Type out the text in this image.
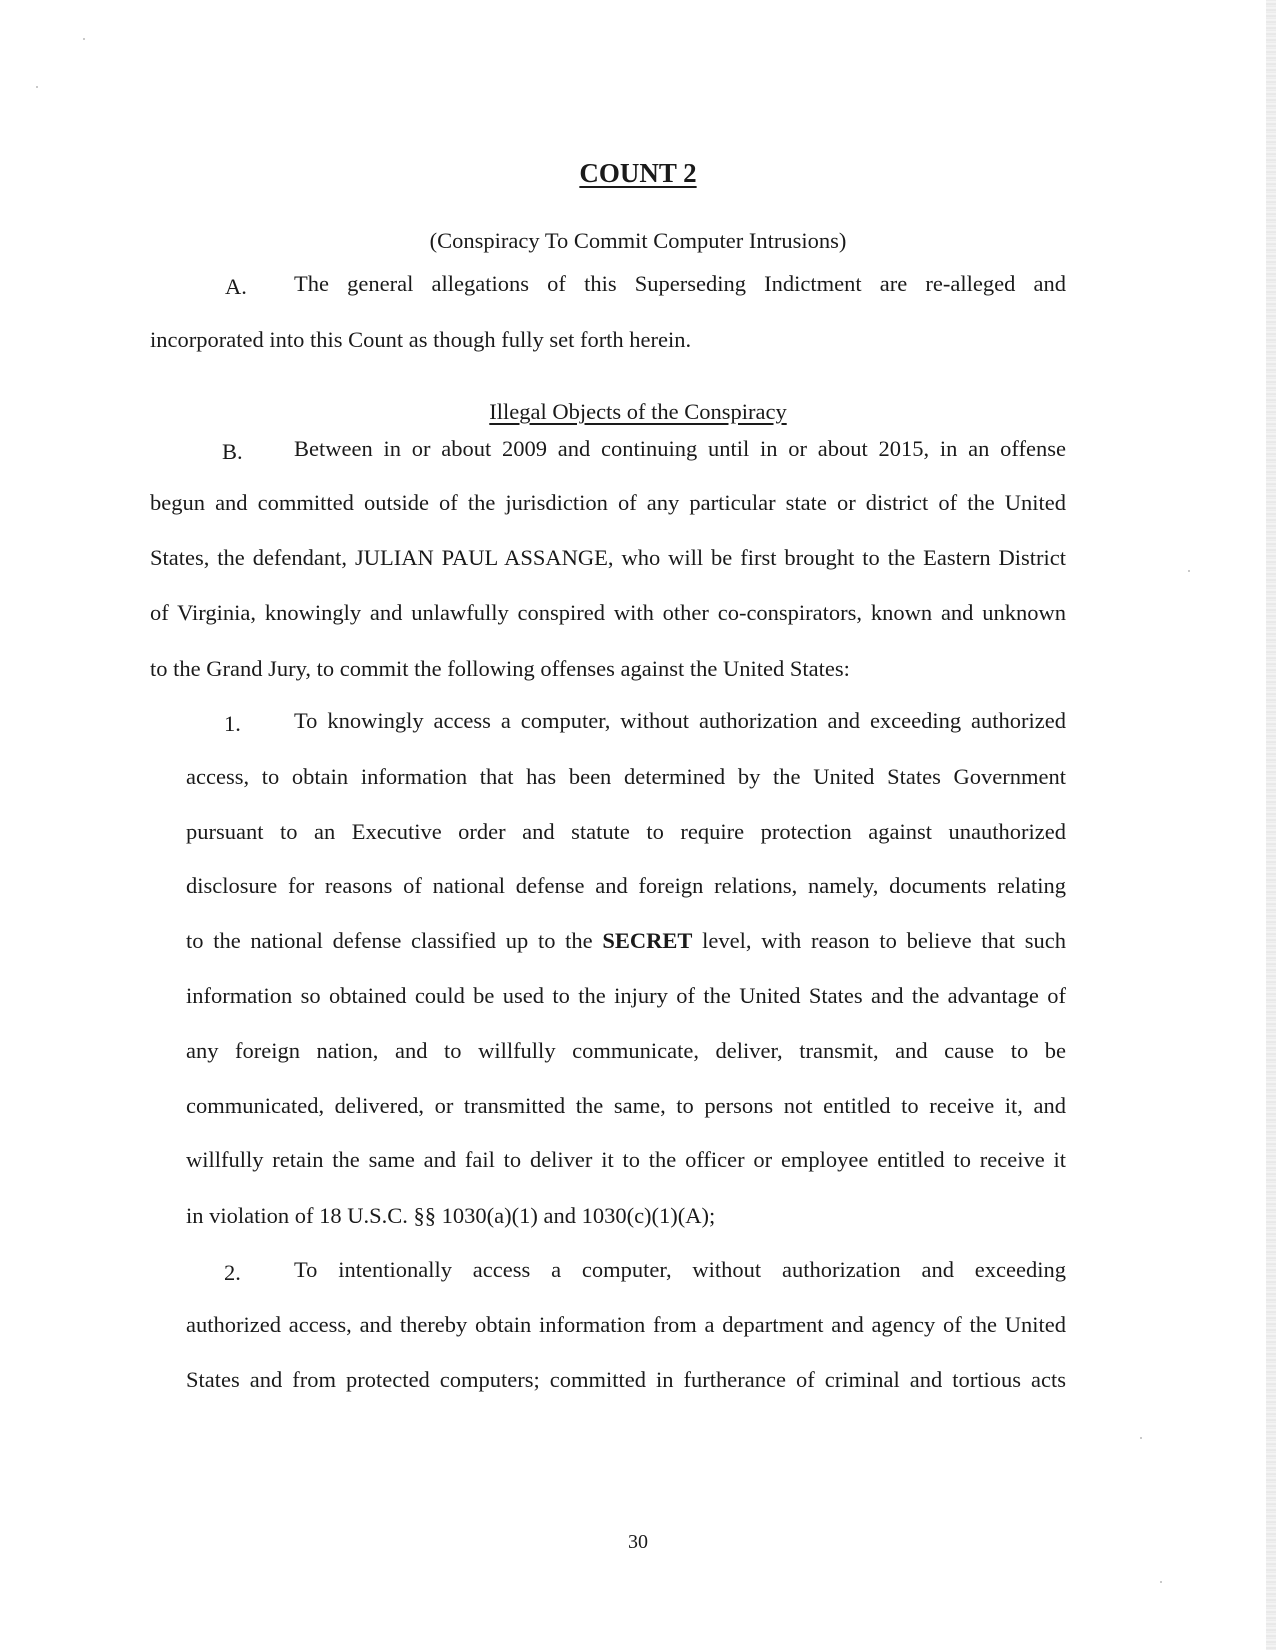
COUNT 2
(Conspiracy To Commit Computer Intrusions)
A. The general allegations of this Superseding Indictment are re-alleged and
incorporated into this Count as though fully set forth herein.
Illegal Objects of the Conspiracy
B. Between in or about 2009 and continuing until in or about 2015, in an offense
begun and committed outside of the jurisdiction of any particular state or district of the United
States, the defendant, JULIAN PAUL ASSANGE, who will be first brought to the Eastern District
of Virginia, knowingly and unlawfully conspired with other co-conspirators, known and unknown
to the Grand Jury, to commit the following offenses against the United States:
1. To knowingly access a computer, without authorization and exceeding authorized
access, to obtain information that has been determined by the United States Government
pursuant to an Executive order and statute to require protection against unauthorized
disclosure for reasons of national defense and foreign relations, namely, documents relating
to the national defense classified up to the SECRET level, with reason to believe that such
information so obtained could be used to the injury of the United States and the advantage of
any foreign nation, and to willfully communicate, deliver, transmit, and cause to be
communicated, delivered, or transmitted the same, to persons not entitled to receive it, and
willfully retain the same and fail to deliver it to the officer or employee entitled to receive it
in violation of 18 U.S.C. §§ 1030(a)(1) and 1030(c)(1)(A);
2. To intentionally access a computer, without authorization and exceeding
authorized access, and thereby obtain information from a department and agency of the United
States and from protected computers; committed in furtherance of criminal and tortious acts
30
